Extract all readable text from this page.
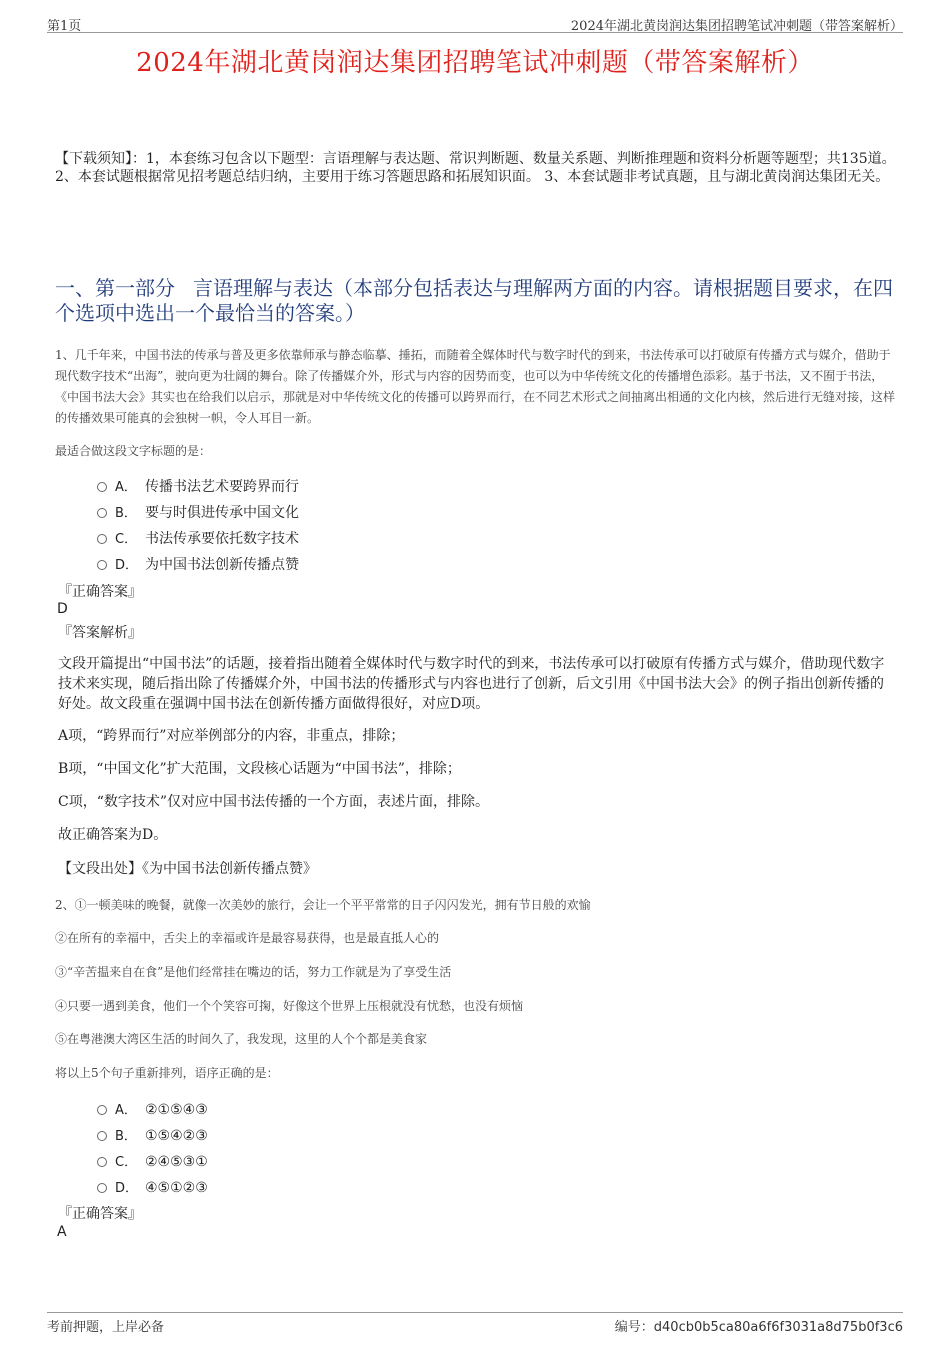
第1页	2024年湖北黄岗润达集团招聘笔试冲刺题（带答案解析）
2024年湖北黄岗润达集团招聘笔试冲刺题（带答案解析）
【下载须知】：1，本套练习包含以下题型：言语理解与表达题、常识判断题、数量关系题、判断推理题和资料分析题等题型；共135道。 2、本套试题根据常见招考题总结归纳，主要用于练习答题思路和拓展知识面。 3、本套试题非考试真题，且与湖北黄岗润达集团无关。
一、第一部分 言语理解与表达（本部分包括表达与理解两方面的内容。请根据题目要求，在四个选项中选出一个最恰当的答案。）
1、几千年来，中国书法的传承与普及更多依靠师承与静态临摹、捶拓，而随着全媒体时代与数字时代的到来，书法传承可以打破原有传播方式与媒介，借助于现代数字技术“出海”，驶向更为壮阔的舞台。除了传播媒介外，形式与内容的因势而变，也可以为中华传统文化的传播增色添彩。基于书法，又不囿于书法，《中国书法大会》其实也在给我们以启示，那就是对中华传统文化的传播可以跨界而行，在不同艺术形式之间抽离出相通的文化内核，然后进行无缝对接，这样的传播效果可能真的会独树一帜，令人耳目一新。
最适合做这段文字标题的是：
A． 传播书法艺术要跨界而行
B． 要与时俱进传承中国文化
C． 书法传承要依托数字技术
D． 为中国书法创新传播点赞
『正确答案』
D
『答案解析』
文段开篇提出“中国书法”的话题，接着指出随着全媒体时代与数字时代的到来，书法传承可以打破原有传播方式与媒介，借助现代数字技术来实现，随后指出除了传播媒介外，中国书法的传播形式与内容也进行了创新，后文引用《中国书法大会》的例子指出创新传播的好处。故文段重在强调中国书法在创新传播方面做得很好，对应D项。
A项，“跨界而行”对应举例部分的内容，非重点，排除；
B项，“中国文化”扩大范围，文段核心话题为“中国书法”，排除；
C项，“数字技术”仅对应中国书法传播的一个方面，表述片面，排除。
故正确答案为D。
【文段出处】《为中国书法创新传播点赞》
2、①一顿美味的晚餐，就像一次美妙的旅行，会让一个平平常常的日子闪闪发光，拥有节日般的欢愉
②在所有的幸福中，舌尖上的幸福或许是最容易获得，也是最直抵人心的
③“辛苦揾来自在食”是他们经常挂在嘴边的话，努力工作就是为了享受生活
④只要一遇到美食，他们一个个笑容可掬，好像这个世界上压根就没有忧愁，也没有烦恼
⑤在粤港澳大湾区生活的时间久了，我发现，这里的人个个都是美食家
将以上5个句子重新排列，语序正确的是：
A． ②①⑤④③
B． ①⑤④②③
C． ②④⑤③①
D． ④⑤①②③
『正确答案』
A
考前押题，上岸必备	编号：d40cb0b5ca80a6f6f3031a8d75b0f3c6
